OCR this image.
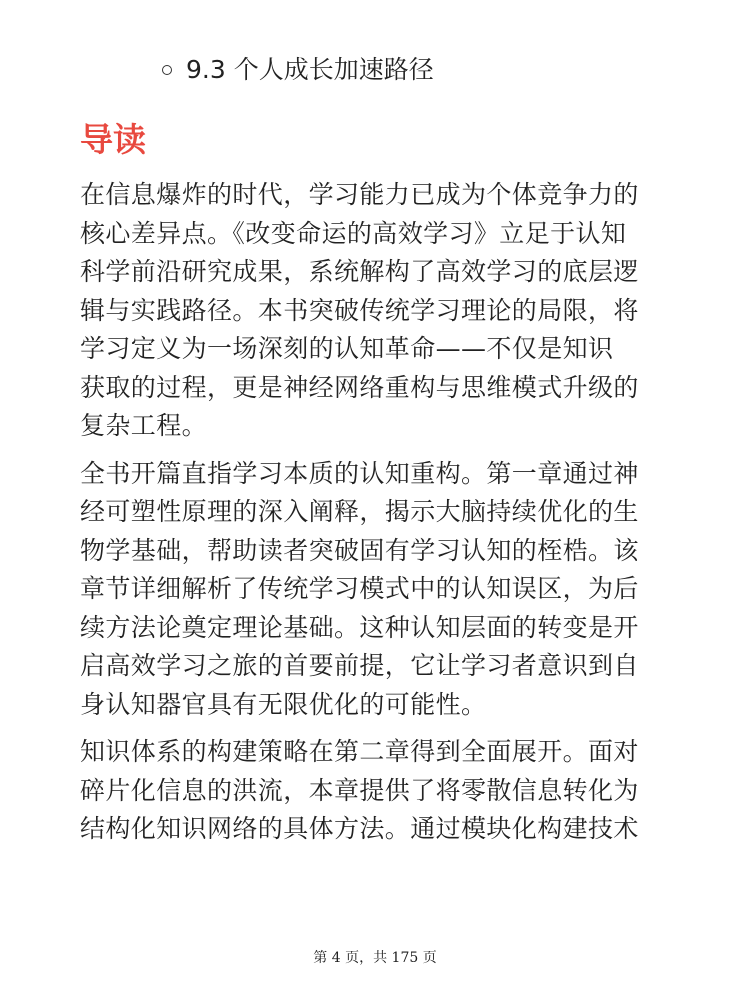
9.3 个人成长加速路径
导读

在信息爆炸的时代，学习能力已成为个体竞争力的
核心差异点。《改变命运的高效学习》立足于认知
科学前沿研究成果，系统解构了高效学习的底层逻
辑与实践路径。本书突破传统学习理论的局限，将
学习定义为一场深刻的认知革命——不仅是知识
获取的过程，更是神经网络重构与思维模式升级的
复杂工程。

全书开篇直指学习本质的认知重构。第一章通过神
经可塑性原理的深入阐释，揭示大脑持续优化的生
物学基础，帮助读者突破固有学习认知的桎梏。该
章节详细解析了传统学习模式中的认知误区，为后
续方法论奠定理论基础。这种认知层面的转变是开
启高效学习之旅的首要前提，它让学习者意识到自
身认知器官具有无限优化的可能性。

知识体系的构建策略在第二章得到全面展开。面对
碎片化信息的洪流，本章提供了将零散信息转化为
结构化知识网络的具体方法。通过模块化构建技术

第 4 页，共 175 页
